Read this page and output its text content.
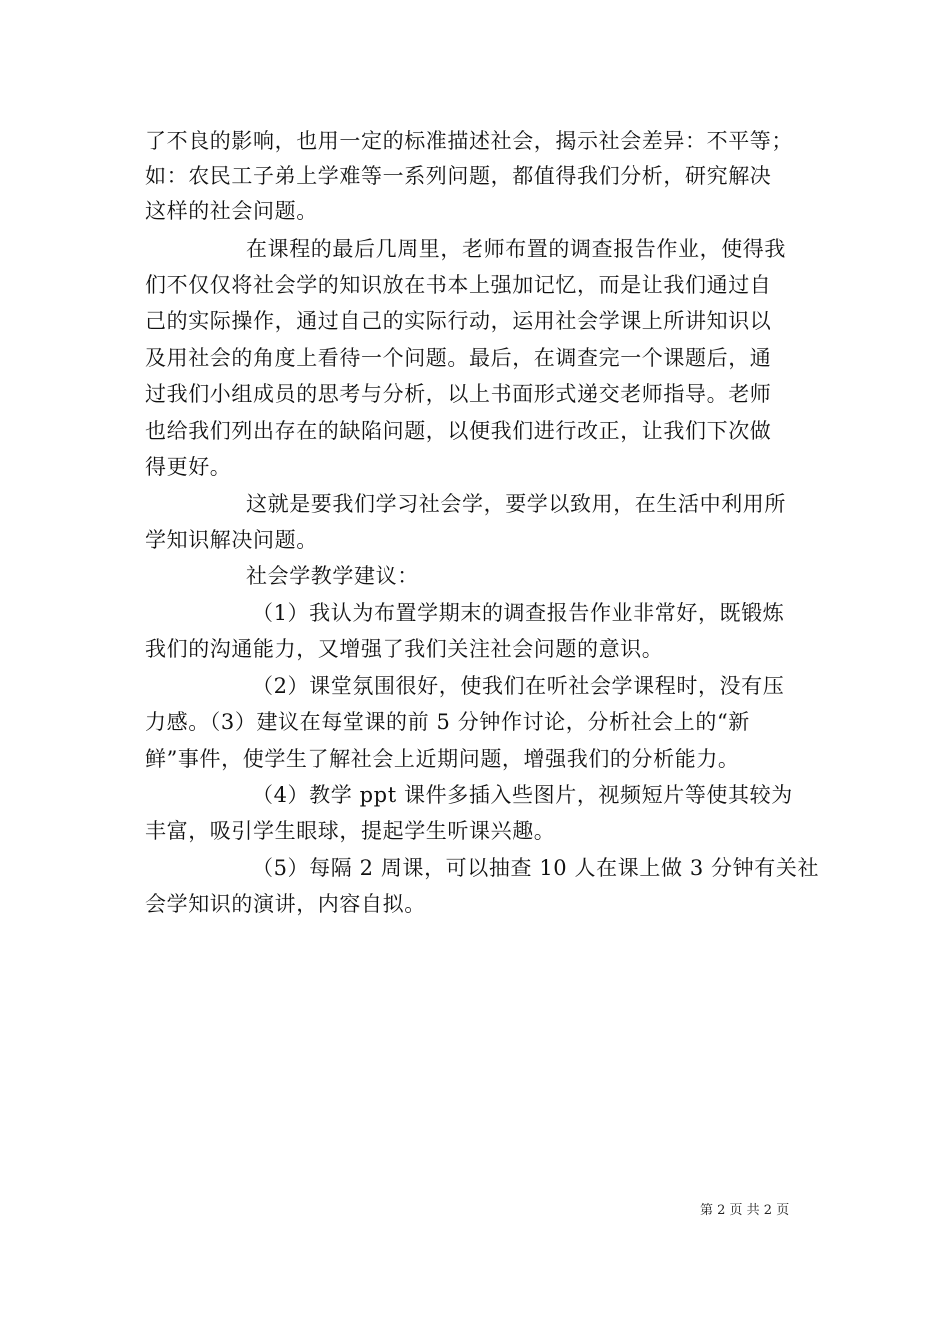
了不良的影响，也用一定的标准描述社会，揭示社会差异：不平等；
如：农民工子弟上学难等一系列问题，都值得我们分析，研究解决
这样的社会问题。
在课程的最后几周里，老师布置的调查报告作业，使得我
们不仅仅将社会学的知识放在书本上强加记忆，而是让我们通过自
己的实际操作，通过自己的实际行动，运用社会学课上所讲知识以
及用社会的角度上看待一个问题。最后，在调查完一个课题后，通
过我们小组成员的思考与分析，以上书面形式递交老师指导。老师
也给我们列出存在的缺陷问题，以便我们进行改正，让我们下次做
得更好。
这就是要我们学习社会学，要学以致用，在生活中利用所
学知识解决问题。
社会学教学建议：
（1）我认为布置学期末的调查报告作业非常好，既锻炼
我们的沟通能力，又增强了我们关注社会问题的意识。
（2）课堂氛围很好，使我们在听社会学课程时，没有压
力感。（3）建议在每堂课的前 5 分钟作讨论，分析社会上的“新
鲜”事件，使学生了解社会上近期问题，增强我们的分析能力。
（4）教学 ppt 课件多插入些图片，视频短片等使其较为
丰富，吸引学生眼球，提起学生听课兴趣。
（5）每隔 2 周课，可以抽查 10 人在课上做 3 分钟有关社
会学知识的演讲，内容自拟。
第 2 页 共 2 页
